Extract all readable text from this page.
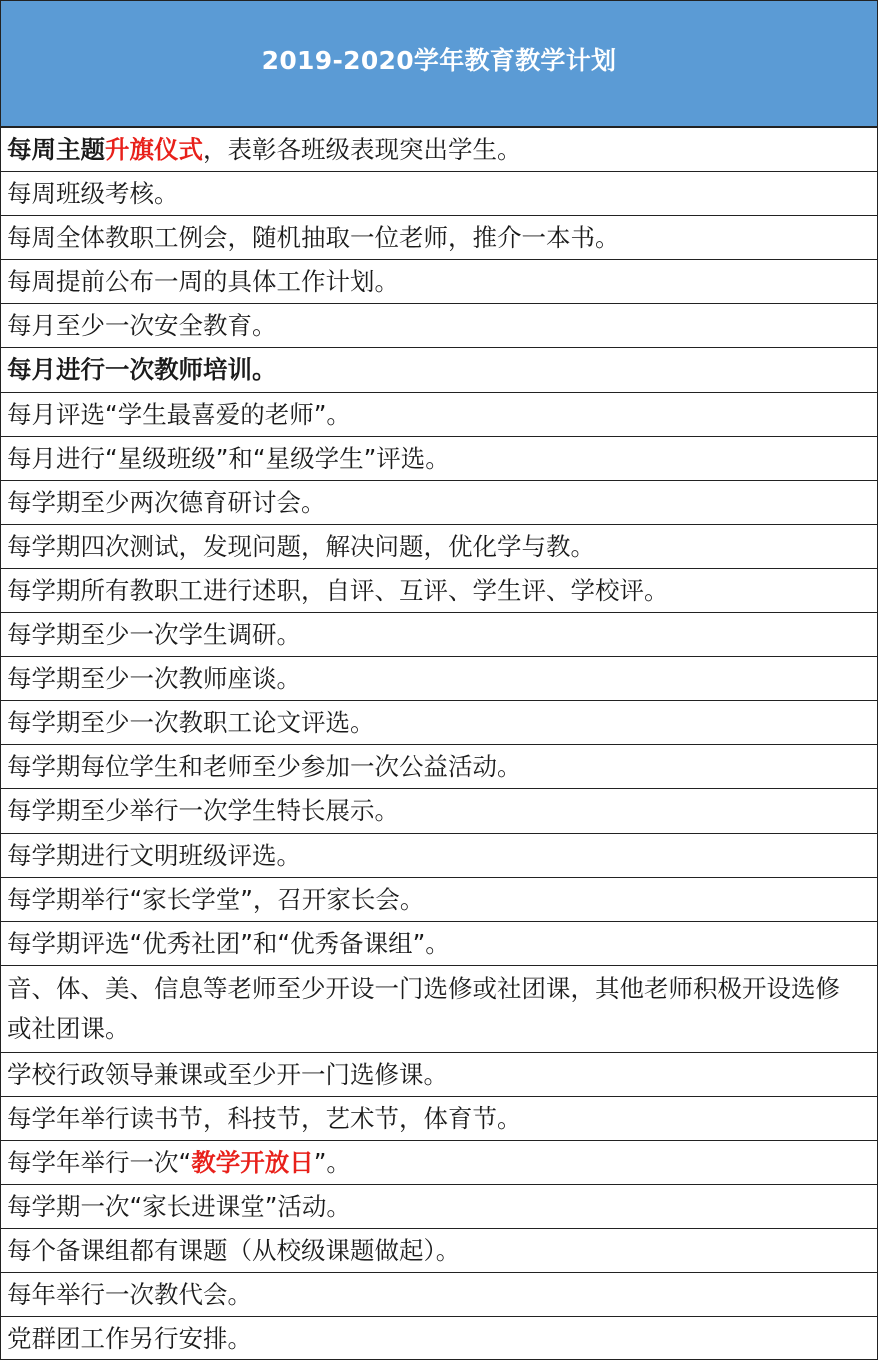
2019-2020学年教育教学计划
每周主题升旗仪式，表彰各班级表现突出学生。
每周班级考核。
每周全体教职工例会，随机抽取一位老师，推介一本书。
每周提前公布一周的具体工作计划。
每月至少一次安全教育。
每月进行一次教师培训。
每月评选“学生最喜爱的老师”。
每月进行“星级班级”和“星级学生”评选。
每学期至少两次德育研讨会。
每学期四次测试，发现问题，解决问题，优化学与教。
每学期所有教职工进行述职，自评、互评、学生评、学校评。
每学期至少一次学生调研。
每学期至少一次教师座谈。
每学期至少一次教职工论文评选。
每学期每位学生和老师至少参加一次公益活动。
每学期至少举行一次学生特长展示。
每学期进行文明班级评选。
每学期举行“家长学堂”，召开家长会。
每学期评选“优秀社团”和“优秀备课组”。
音、体、美、信息等老师至少开设一门选修或社团课，其他老师积极开设选修或社团课。
学校行政领导兼课或至少开一门选修课。
每学年举行读书节，科技节，艺术节，体育节。
每学年举行一次“教学开放日”。
每学期一次“家长进课堂”活动。
每个备课组都有课题（从校级课题做起）。
每年举行一次教代会。
党群团工作另行安排。
